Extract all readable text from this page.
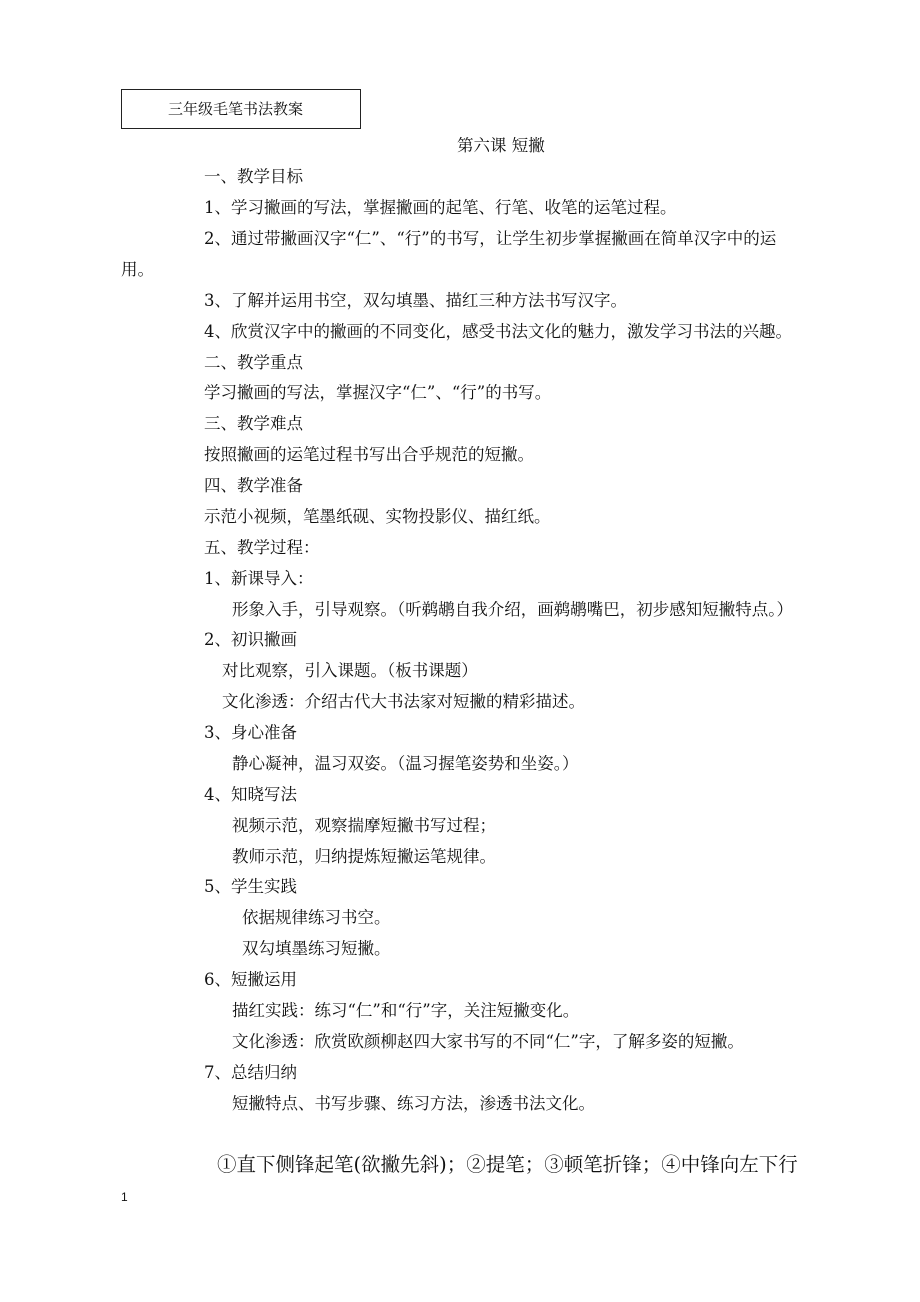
三年级毛笔书法教案
第六课 短撇
一、教学目标
1、学习撇画的写法，掌握撇画的起笔、行笔、收笔的运笔过程。
2、通过带撇画汉字“仁”、“行”的书写，让学生初步掌握撇画在简单汉字中的运
用。
3、了解并运用书空，双勾填墨、描红三种方法书写汉字。
4、欣赏汉字中的撇画的不同变化，感受书法文化的魅力，激发学习书法的兴趣。
二、教学重点
学习撇画的写法，掌握汉字“仁”、“行”的书写。
三、教学难点
按照撇画的运笔过程书写出合乎规范的短撇。
四、教学准备
示范小视频，笔墨纸砚、实物投影仪、描红纸。
五、教学过程：
1、新课导入：
形象入手，引导观察。（听鹈鹕自我介绍，画鹈鹕嘴巴，初步感知短撇特点。）
2、初识撇画
对比观察，引入课题。（板书课题）
文化渗透：介绍古代大书法家对短撇的精彩描述。
3、身心准备
静心凝神，温习双姿。（温习握笔姿势和坐姿。）
4、知晓写法
视频示范，观察揣摩短撇书写过程；
教师示范，归纳提炼短撇运笔规律。
5、学生实践
依据规律练习书空。
双勾填墨练习短撇。
6、短撇运用
描红实践：练习“仁”和“行”字，关注短撇变化。
文化渗透：欣赏欧颜柳赵四大家书写的不同“仁”字，了解多姿的短撇。
7、总结归纳
短撇特点、书写步骤、练习方法，渗透书法文化。
①直下侧锋起笔(欲撇先斜)；②提笔；③顿笔折锋；④中锋向左下行
1
